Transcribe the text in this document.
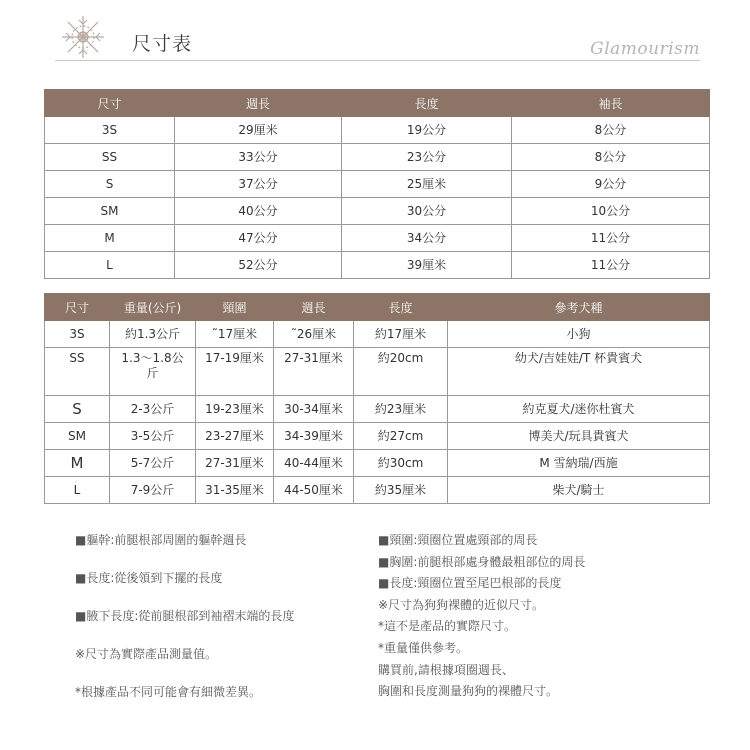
尺寸表	Glamourism
尺寸	週長	長度	袖長
3S	29厘米	19公分	8公分
SS	33公分	23公分	8公分
S	37公分	25厘米	9公分
SM	40公分	30公分	10公分
M	47公分	34公分	11公分
L	52公分	39厘米	11公分
尺寸	重量(公斤)	頸圍	週長	長度	參考犬種
3S	約1.3公斤	˜17厘米	˜26厘米	約17厘米	小狗
SS	1.3〜1.8公斤	17-19厘米	27-31厘米	約20cm	幼犬/吉娃娃/T 杯貴賓犬
S	2-3公斤	19-23厘米	30-34厘米	約23厘米	約克夏犬/迷你杜賓犬
SM	3-5公斤	23-27厘米	34-39厘米	約27cm	博美犬/玩具貴賓犬
M	5-7公斤	27-31厘米	40-44厘米	約30cm	M 雪納瑞/西施
L	7-9公斤	31-35厘米	44-50厘米	約35厘米	柴犬/騎士
■軀幹:前腿根部周圍的軀幹週長
■長度:從後領到下擺的長度
■腋下長度:從前腿根部到袖褶末端的長度
※尺寸為實際產品測量值。
*根據產品不同可能會有細微差異。
■頸圍:頸圈位置處頸部的周長
■胸圍:前腿根部處身體最粗部位的周長
■長度:頸圈位置至尾巴根部的長度
※尺寸為狗狗裸體的近似尺寸。
*這不是產品的實際尺寸。
*重量僅供參考。
購買前,請根據項圈週長、
胸圍和長度測量狗狗的裸體尺寸。
